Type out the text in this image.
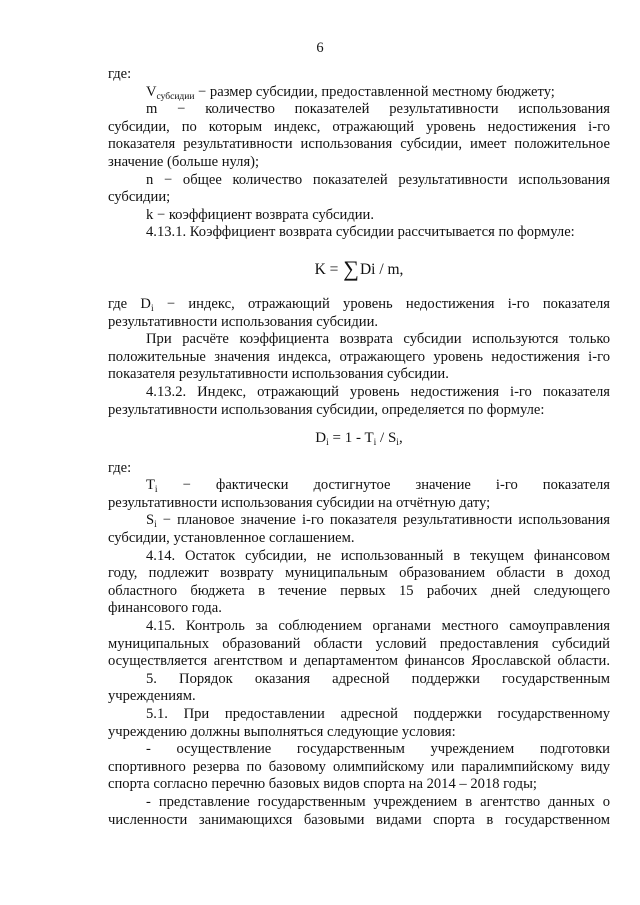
6

где:

$V_{субсидии}$ − размер субсидии, предоставленной местному бюджету;

m − количество показателей результативности использования

субсидии, по которым индекс, отражающий уровень недостижения i-го

показателя результативности использования субсидии, имеет положительное

значение (больше нуля);

n − общее количество показателей результативности использования

субсидии;

k − коэффициент возврата субсидии.

4.13.1. Коэффициент возврата субсидии рассчитывается по формуле:

K = ∑Di / m,

где $D_i$ − индекс, отражающий уровень недостижения i-го показателя

результативности использования субсидии.

При расчёте коэффициента возврата субсидии используются только

положительные значения индекса, отражающего уровень недостижения i-го

показателя результативности использования субсидии.

4.13.2. Индекс, отражающий уровень недостижения i-го показателя

результативности использования субсидии, определяется по формуле:

$D_i = 1 - T_i / S_i$,

где:

$T_i$ − фактически достигнутое значение i-го показателя

результативности использования субсидии на отчётную дату;

$S_i$ − плановое значение i-го показателя результативности использования

субсидии, установленное соглашением.

4.14. Остаток субсидии, не использованный в текущем финансовом

году, подлежит возврату муниципальным образованием области в доход

областного бюджета в течение первых 15 рабочих дней следующего

финансового года.

4.15. Контроль за соблюдением органами местного самоуправления

муниципальных образований области условий предоставления субсидий

осуществляется агентством и департаментом финансов Ярославской области.

5. Порядок оказания адресной поддержки государственным

учреждениям.

5.1. При предоставлении адресной поддержки государственному

учреждению должны выполняться следующие условия:

- осуществление государственным учреждением подготовки

спортивного резерва по базовому олимпийскому или паралимпийскому виду

спорта согласно перечню базовых видов спорта на 2014 – 2018 годы;

- представление государственным учреждением в агентство данных о

численности занимающихся базовыми видами спорта в государственном
